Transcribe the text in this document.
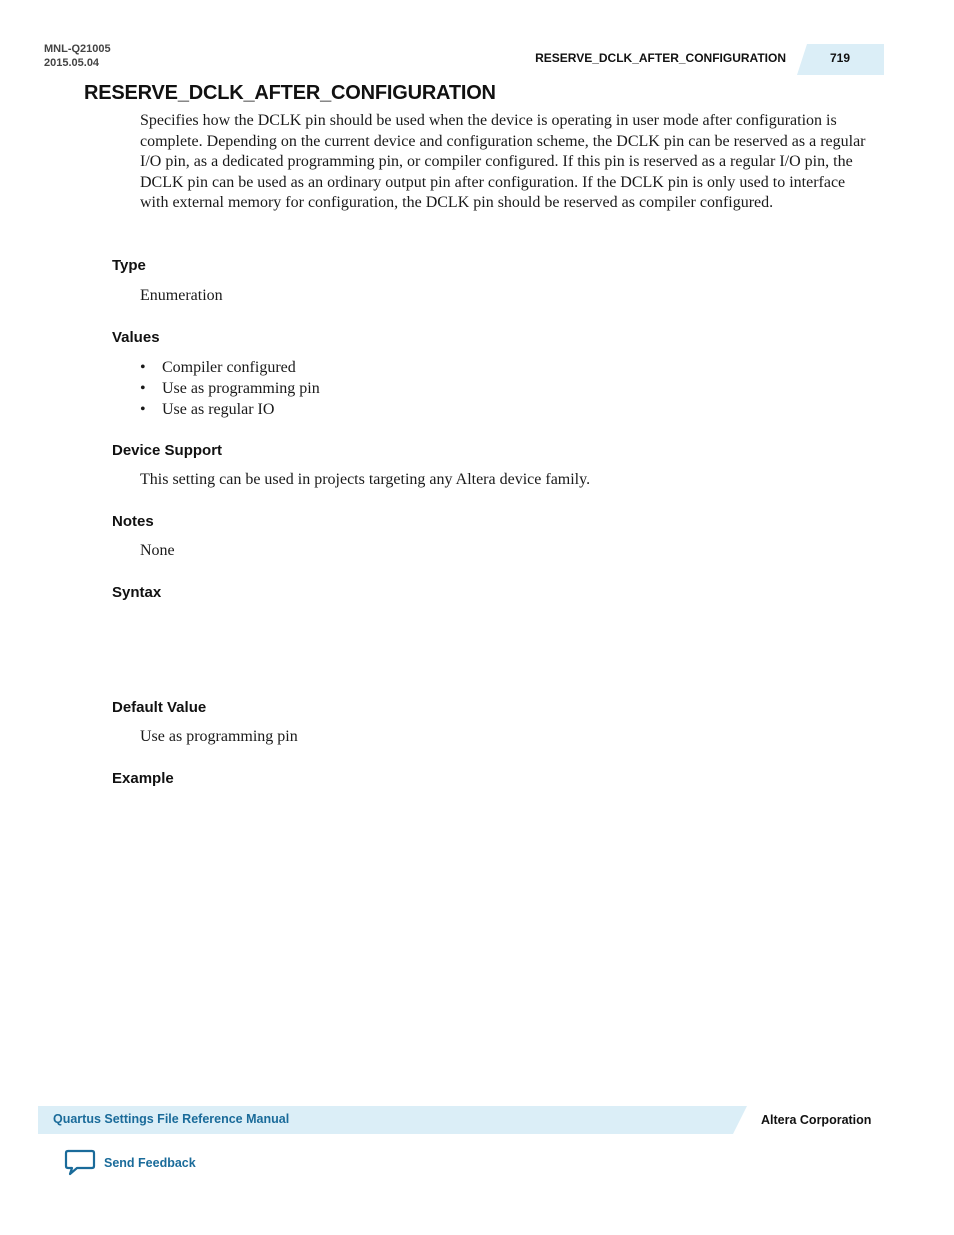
MNL-Q21005
2015.05.04	RESERVE_DCLK_AFTER_CONFIGURATION	719
RESERVE_DCLK_AFTER_CONFIGURATION

Specifies how the DCLK pin should be used when the device is operating in user mode after configuration is complete. Depending on the current device and configuration scheme, the DCLK pin can be reserved as a regular I/O pin, as a dedicated programming pin, or compiler configured. If this pin is reserved as a regular I/O pin, the DCLK pin can be used as an ordinary output pin after configuration. If the DCLK pin is only used to interface with external memory for configuration, the DCLK pin should be reserved as compiler configured.

Type

Enumeration

Values
• Compiler configured
• Use as programming pin
• Use as regular IO
Device Support

This setting can be used in projects targeting any Altera device family.

Notes

None

Syntax
Default Value

Use as programming pin

Example
Quartus Settings File Reference Manual	Altera Corporation
Send Feedback
